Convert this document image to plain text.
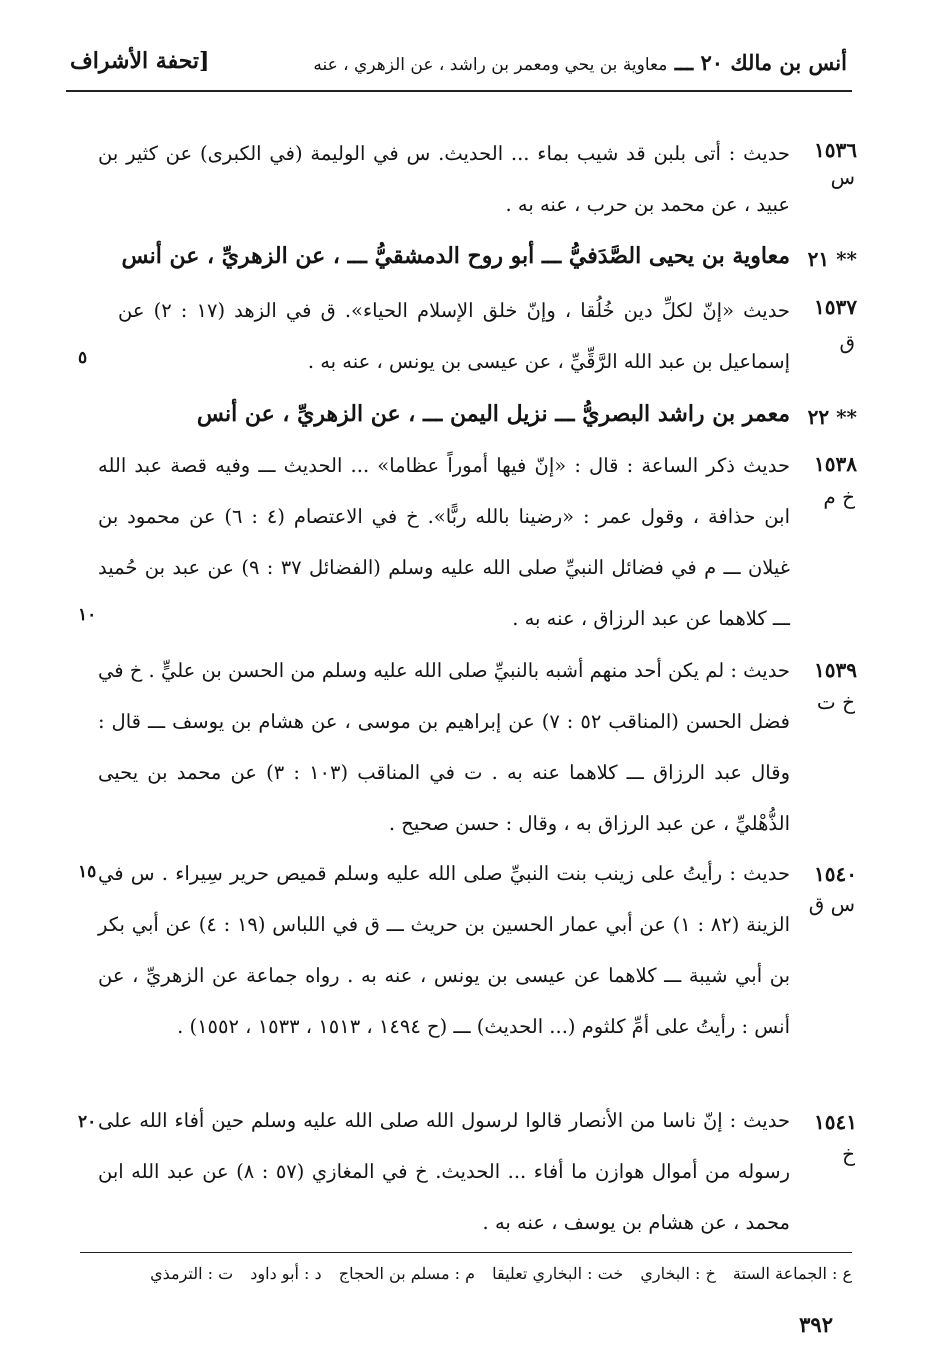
أنس بن مالك ٢٠ ـــ معاوية بن يحي ومعمر بن راشد ، عن الزهري ، عنه
[تحفة الأشراف
١٥٣٦
س
حديث : أتى بلبن قد شيب بماء ... الحديث. س في الوليمة (في الكبرى) عن كثير بن عبيد ، عن محمد بن حرب ، عنه به .
٢١ **
معاوية بن يحيى الصَّدَفيُّ ـــ أبو روح الدمشقيُّ ـــ ، عن الزهريِّ ، عن أنس
١٥٣٧
ق
حديث «إنّ لكلِّ دين خُلُقا ، وإنّ خلق الإسلام الحياء». ق في الزهد (١٧ : ٢) عن إسماعيل بن عبد الله الرَّقِّيِّ ، عن عيسى بن يونس ، عنه به .
٢٢ **
معمر بن راشد البصريُّ ـــ نزيل اليمن ـــ ، عن الزهريِّ ، عن أنس
١٥٣٨
خ م
حديث ذكر الساعة : قال : «إنّ فيها أموراً عظاما» ... الحديث ـــ وفيه قصة عبد الله ابن حذافة ، وقول عمر : «رضينا بالله ربًّا». خ في الاعتصام (٤ : ٦) عن محمود بن غيلان ـــ م في فضائل النبيِّ صلى الله عليه وسلم (الفضائل ٣٧ : ٩) عن عبد بن حُميد ـــ كلاهما عن عبد الرزاق ، عنه به .
١٥٣٩
خ ت
حديث : لم يكن أحد منهم أشبه بالنبيِّ صلى الله عليه وسلم من الحسن بن عليٍّ . خ في فضل الحسن (المناقب ٥٢ : ٧) عن إبراهيم بن موسى ، عن هشام بن يوسف ـــ قال : وقال عبد الرزاق ـــ كلاهما عنه به . ت في المناقب (١٠٣ : ٣) عن محمد بن يحيى الذُّهْليِّ ، عن عبد الرزاق به ، وقال : حسن صحيح .
١٥٤٠
س ق
حديث : رأيتُ على زينب بنت النبيِّ صلى الله عليه وسلم قميص حرير سِيراء . س في الزينة (٨٢ : ١) عن أبي عمار الحسين بن حريث ـــ ق في اللباس (١٩ : ٤) عن أبي بكر بن أبي شيبة ـــ كلاهما عن عيسى بن يونس ، عنه به . رواه جماعة عن الزهريِّ ، عن أنس : رأيتُ على أمِّ كلثوم (... الحديث) ـــ (ح ١٤٩٤ ، ١٥١٣ ، ١٥٣٣ ، ١٥٥٢) .
١٥٤١
خ
حديث : إنّ ناسا من الأنصار قالوا لرسول الله صلى الله عليه وسلم حين أفاء الله على رسوله من أموال هوازن ما أفاء ... الحديث. خ في المغازي (٥٧ : ٨) عن عبد الله ابن محمد ، عن هشام بن يوسف ، عنه به .
٥
١٠
١٥
٢٠
ع : الجماعة الستة خ : البخاري خت : البخاري تعليقا م : مسلم بن الحجاج د : أبو داود ت : الترمذي
٣٩٢
